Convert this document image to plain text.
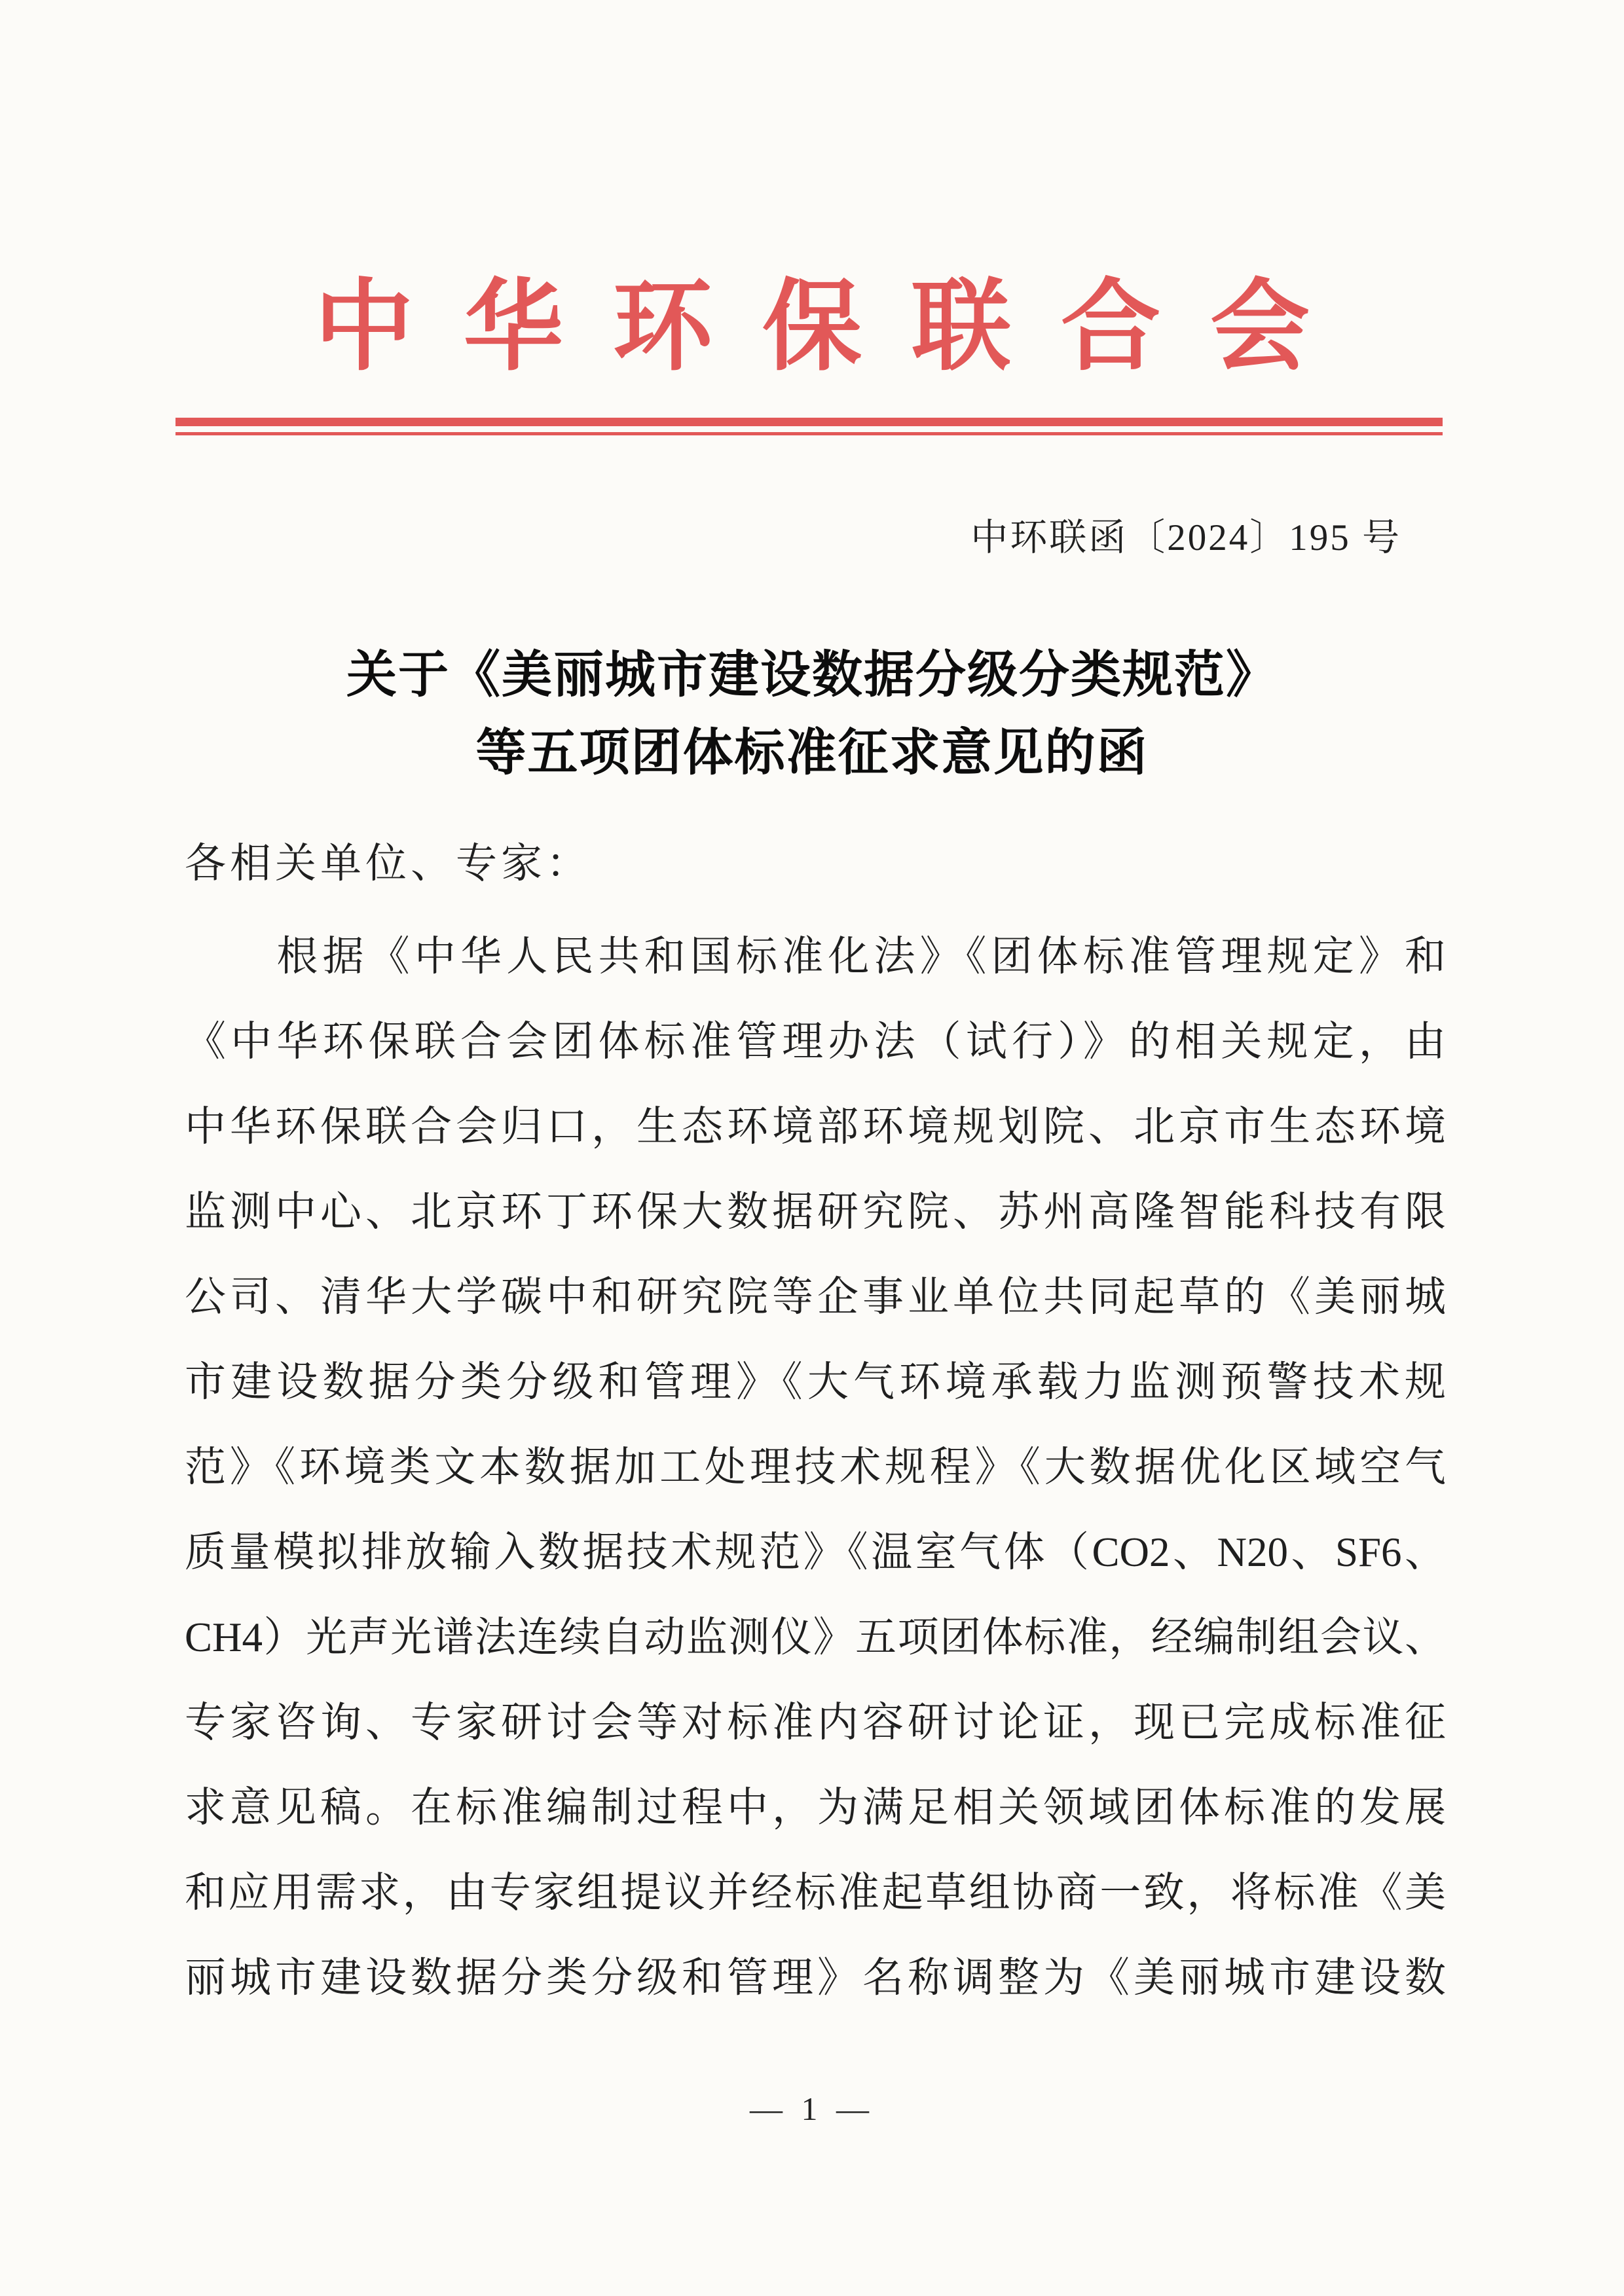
中华环保联合会
中环联函〔2024〕195 号
关于《美丽城市建设数据分级分类规范》
等五项团体标准征求意见的函
各相关单位、专家：
　　根据《中华人民共和国标准化法》《团体标准管理规定》和
《中华环保联合会团体标准管理办法（试行）》的相关规定，由
中华环保联合会归口，生态环境部环境规划院、北京市生态环境
监测中心、北京环丁环保大数据研究院、苏州高隆智能科技有限
公司、清华大学碳中和研究院等企事业单位共同起草的《美丽城
市建设数据分类分级和管理》《大气环境承载力监测预警技术规
范》《环境类文本数据加工处理技术规程》《大数据优化区域空气
质量模拟排放输入数据技术规范》《温室气体（CO2、N20、SF6、
CH4）光声光谱法连续自动监测仪》五项团体标准，经编制组会议、
专家咨询、专家研讨会等对标准内容研讨论证，现已完成标准征
求意见稿。在标准编制过程中，为满足相关领域团体标准的发展
和应用需求，由专家组提议并经标准起草组协商一致，将标准《美
丽城市建设数据分类分级和管理》名称调整为《美丽城市建设数
— 1 —
